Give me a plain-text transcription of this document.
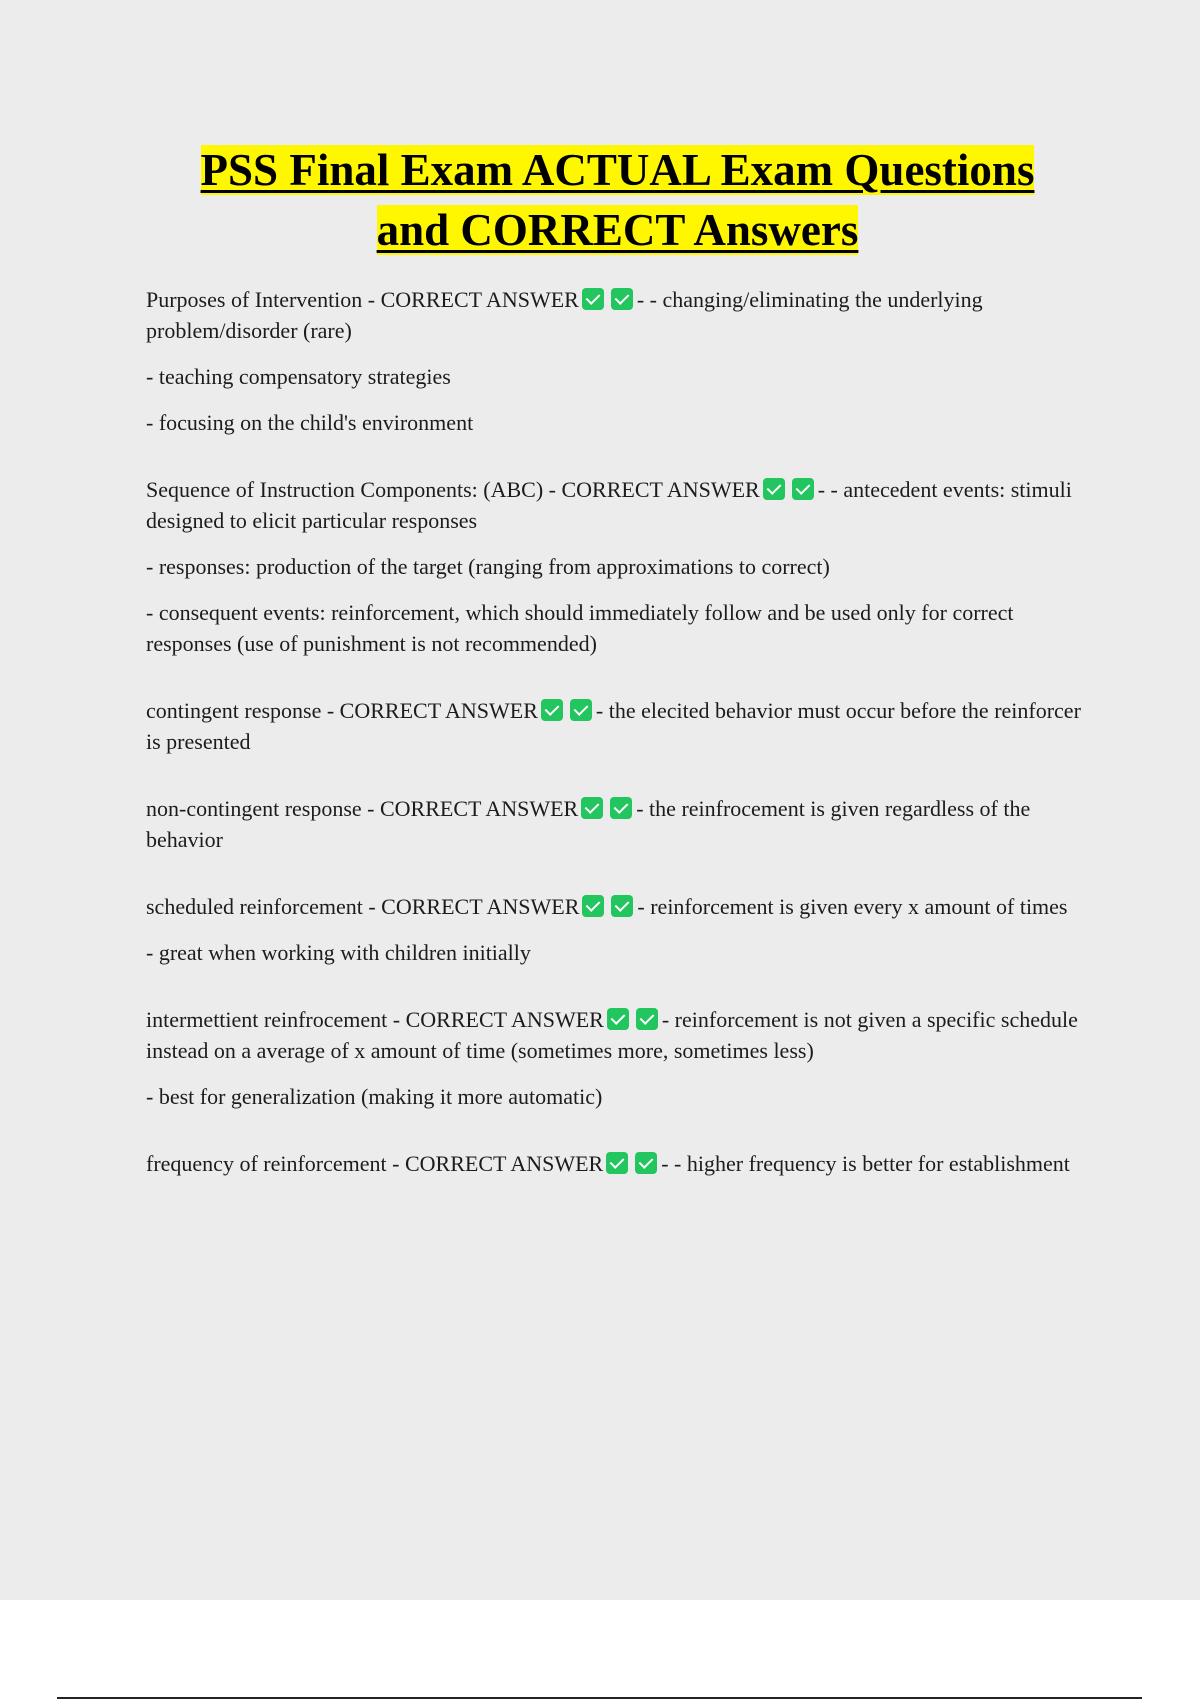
PSS Final Exam ACTUAL Exam Questions
and CORRECT Answers

Purposes of Intervention - CORRECT ANSWER	- - changing/eliminating the underlying problem/disorder (rare)

- teaching compensatory strategies

- focusing on the child's environment

Sequence of Instruction Components: (ABC) - CORRECT ANSWER	- - antecedent events: stimuli designed to elicit particular responses

- responses: production of the target (ranging from approximations to correct)

- consequent events: reinforcement, which should immediately follow and be used only for correct responses (use of punishment is not recommended)

contingent response - CORRECT ANSWER	- the elecited behavior must occur before the reinforcer is presented

non-contingent response - CORRECT ANSWER	- the reinfrocement is given regardless of the behavior

scheduled reinforcement - CORRECT ANSWER	- reinforcement is given every x amount of times

- great when working with children initially

intermettient reinfrocement - CORRECT ANSWER	- reinforcement is not given a specific schedule instead on a average of x amount of time (sometimes more, sometimes less)

- best for generalization (making it more automatic)

frequency of reinforcement - CORRECT ANSWER	- - higher frequency is better for establishment
